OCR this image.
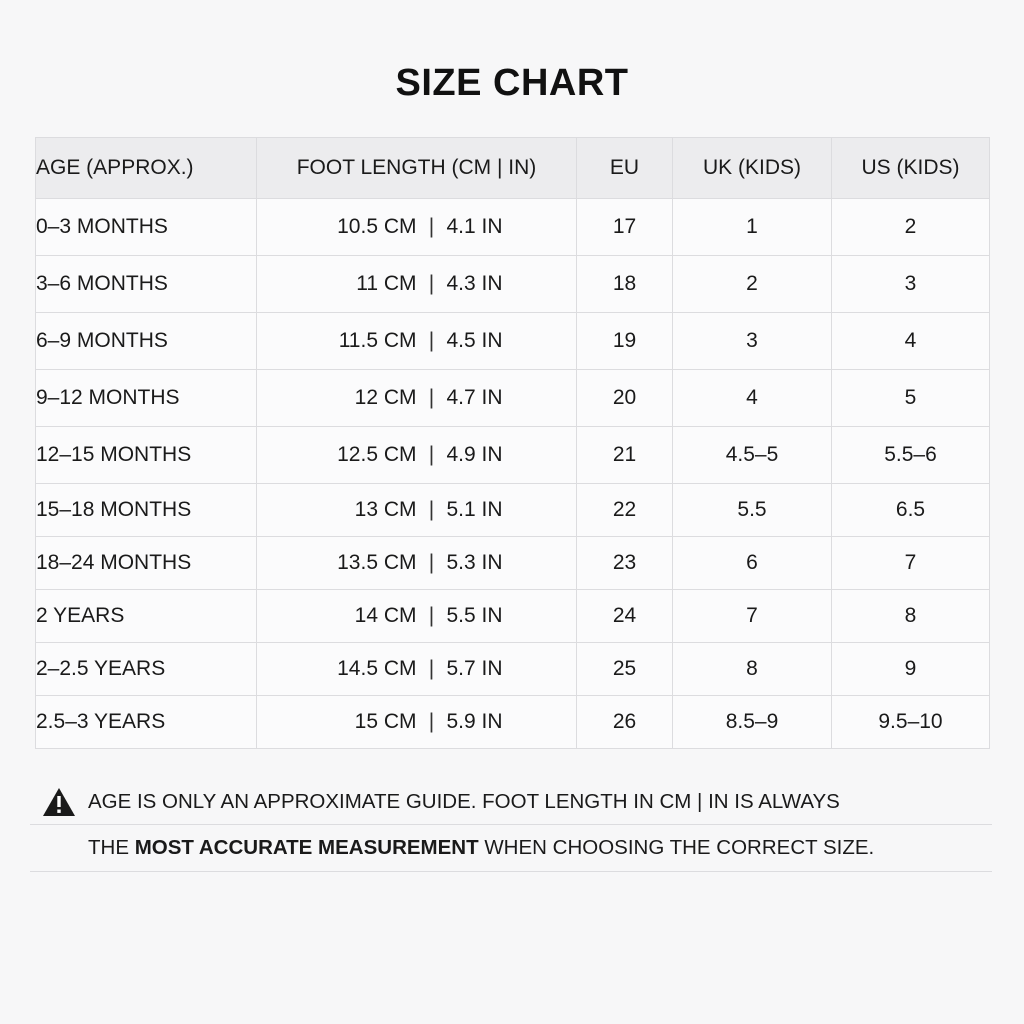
SIZE CHART
AGE (APPROX.)	FOOT LENGTH (CM | IN)	EU	UK (KIDS)	US (KIDS)
0–3 MONTHS	10.5 CM | 4.1 IN	17	1	2
3–6 MONTHS	11 CM | 4.3 IN	18	2	3
6–9 MONTHS	11.5 CM | 4.5 IN	19	3	4
9–12 MONTHS	12 CM | 4.7 IN	20	4	5
12–15 MONTHS	12.5 CM | 4.9 IN	21	4.5–5	5.5–6
15–18 MONTHS	13 CM | 5.1 IN	22	5.5	6.5
18–24 MONTHS	13.5 CM | 5.3 IN	23	6	7
2 YEARS	14 CM | 5.5 IN	24	7	8
2–2.5 YEARS	14.5 CM | 5.7 IN	25	8	9
2.5–3 YEARS	15 CM | 5.9 IN	26	8.5–9	9.5–10
AGE IS ONLY AN APPROXIMATE GUIDE. FOOT LENGTH IN CM | IN IS ALWAYS
THE MOST ACCURATE MEASUREMENT WHEN CHOOSING THE CORRECT SIZE.
